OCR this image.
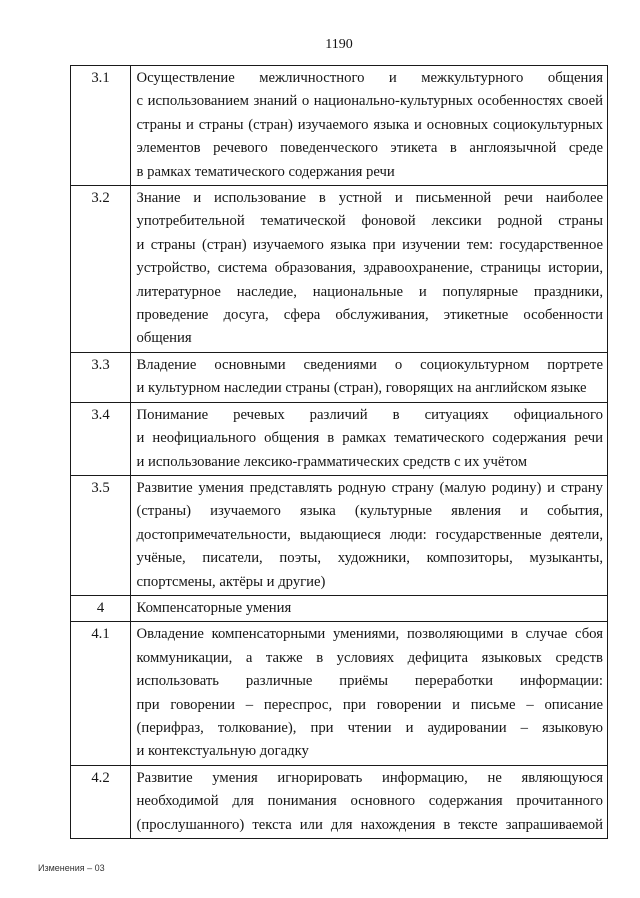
1190
3.1	Осуществление межличностного и межкультурного общения
с использованием знаний о национально-культурных особенностях своей
страны и страны (стран) изучаемого языка и основных социокультурных
элементов речевого поведенческого этикета в англоязычной среде
в рамках тематического содержания речи
3.2	Знание и использование в устной и письменной речи наиболее
употребительной тематической фоновой лексики родной страны
и страны (стран) изучаемого языка при изучении тем: государственное
устройство, система образования, здравоохранение, страницы истории,
литературное наследие, национальные и популярные праздники,
проведение досуга, сфера обслуживания, этикетные особенности
общения
3.3	Владение основными сведениями о социокультурном портрете
и культурном наследии страны (стран), говорящих на английском языке
3.4	Понимание речевых различий в ситуациях официального
и неофициального общения в рамках тематического содержания речи
и использование лексико-грамматических средств с их учётом
3.5	Развитие умения представлять родную страну (малую родину) и страну
(страны) изучаемого языка (культурные явления и события,
достопримечательности, выдающиеся люди: государственные деятели,
учёные, писатели, поэты, художники, композиторы, музыканты,
спортсмены, актёры и другие)
4	Компенсаторные умения
4.1	Овладение компенсаторными умениями, позволяющими в случае сбоя
коммуникации, а также в условиях дефицита языковых средств
использовать различные приёмы переработки информации:
при говорении – переспрос, при говорении и письме – описание
(перифраз, толкование), при чтении и аудировании – языковую
и контекстуальную догадку
4.2	Развитие умения игнорировать информацию, не являющуюся
необходимой для понимания основного содержания прочитанного
(прослушанного) текста или для нахождения в тексте запрашиваемой
Изменения – 03
